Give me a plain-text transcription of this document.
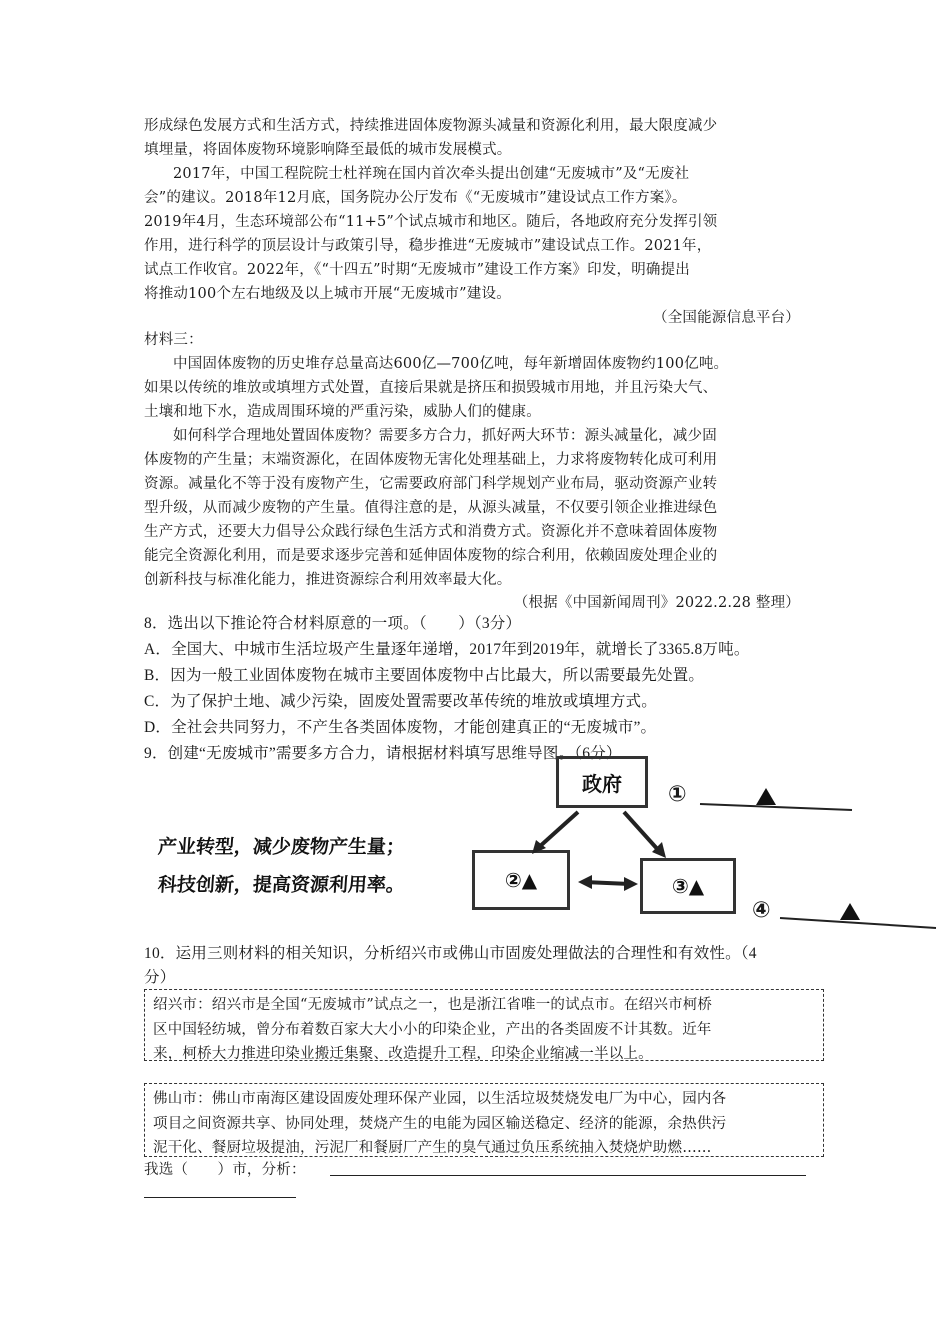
形成绿色发展方式和生活方式，持续推进固体废物源头减量和资源化利用，最大限度减少
填埋量，将固体废物环境影响降至最低的城市发展模式。
2017年，中国工程院院士杜祥琬在国内首次牵头提出创建“无废城市”及“无废社
会”的建议。2018年12月底，国务院办公厅发布《“无废城市”建设试点工作方案》。
2019年4月，生态环境部公布“11+5”个试点城市和地区。随后，各地政府充分发挥引领
作用，进行科学的顶层设计与政策引导，稳步推进“无废城市”建设试点工作。2021年，
试点工作收官。2022年，《“十四五”时期“无废城市”建设工作方案》印发，明确提出
将推动100个左右地级及以上城市开展“无废城市”建设。
（全国能源信息平台）
材料三：
中国固体废物的历史堆存总量高达600亿—700亿吨，每年新增固体废物约100亿吨。
如果以传统的堆放或填埋方式处置，直接后果就是挤压和损毁城市用地，并且污染大气、
土壤和地下水，造成周围环境的严重污染，威胁人们的健康。
如何科学合理地处置固体废物？需要多方合力，抓好两大环节：源头减量化，减少固
体废物的产生量；末端资源化，在固体废物无害化处理基础上，力求将废物转化成可利用
资源。减量化不等于没有废物产生，它需要政府部门科学规划产业布局，驱动资源产业转
型升级，从而减少废物的产生量。值得注意的是，从源头减量，不仅要引领企业推进绿色
生产方式，还要大力倡导公众践行绿色生活方式和消费方式。资源化并不意味着固体废物
能完全资源化利用，而是要求逐步完善和延伸固体废物的综合利用，依赖固废处理企业的
创新科技与标准化能力，推进资源综合利用效率最大化。
（根据《中国新闻周刊》2022.2.28 整理）
8．选出以下推论符合材料原意的一项。（　　）（3分）
A．全国大、中城市生活垃圾产生量逐年递增，2017年到2019年，就增长了3365.8万吨。
B．因为一般工业固体废物在城市主要固体废物中占比最大，所以需要最先处置。
C．为了保护土地、减少污染，固废处置需要改革传统的堆放或填埋方式。
D．全社会共同努力，不产生各类固体废物，才能创建真正的“无废城市”。
9．创建“无废城市”需要多方合力，请根据材料填写思维导图。（6分）
产业转型，减少废物产生量；
科技创新，提高资源利用率。
政府
②▲	③▲
①
④
10．运用三则材料的相关知识，分析绍兴市或佛山市固废处理做法的合理性和有效性。（4
分）
绍兴市：绍兴市是全国“无废城市”试点之一，也是浙江省唯一的试点市。在绍兴市柯桥
区中国轻纺城，曾分布着数百家大大小小的印染企业，产出的各类固废不计其数。近年
来，柯桥大力推进印染业搬迁集聚、改造提升工程，印染企业缩减一半以上。
佛山市：佛山市南海区建设固废处理环保产业园，以生活垃圾焚烧发电厂为中心，园内各
项目之间资源共享、协同处理，焚烧产生的电能为园区输送稳定、经济的能源，余热供污
泥干化、餐厨垃圾提油，污泥厂和餐厨厂产生的臭气通过负压系统抽入焚烧炉助燃……
我选（　　）市，分析：
